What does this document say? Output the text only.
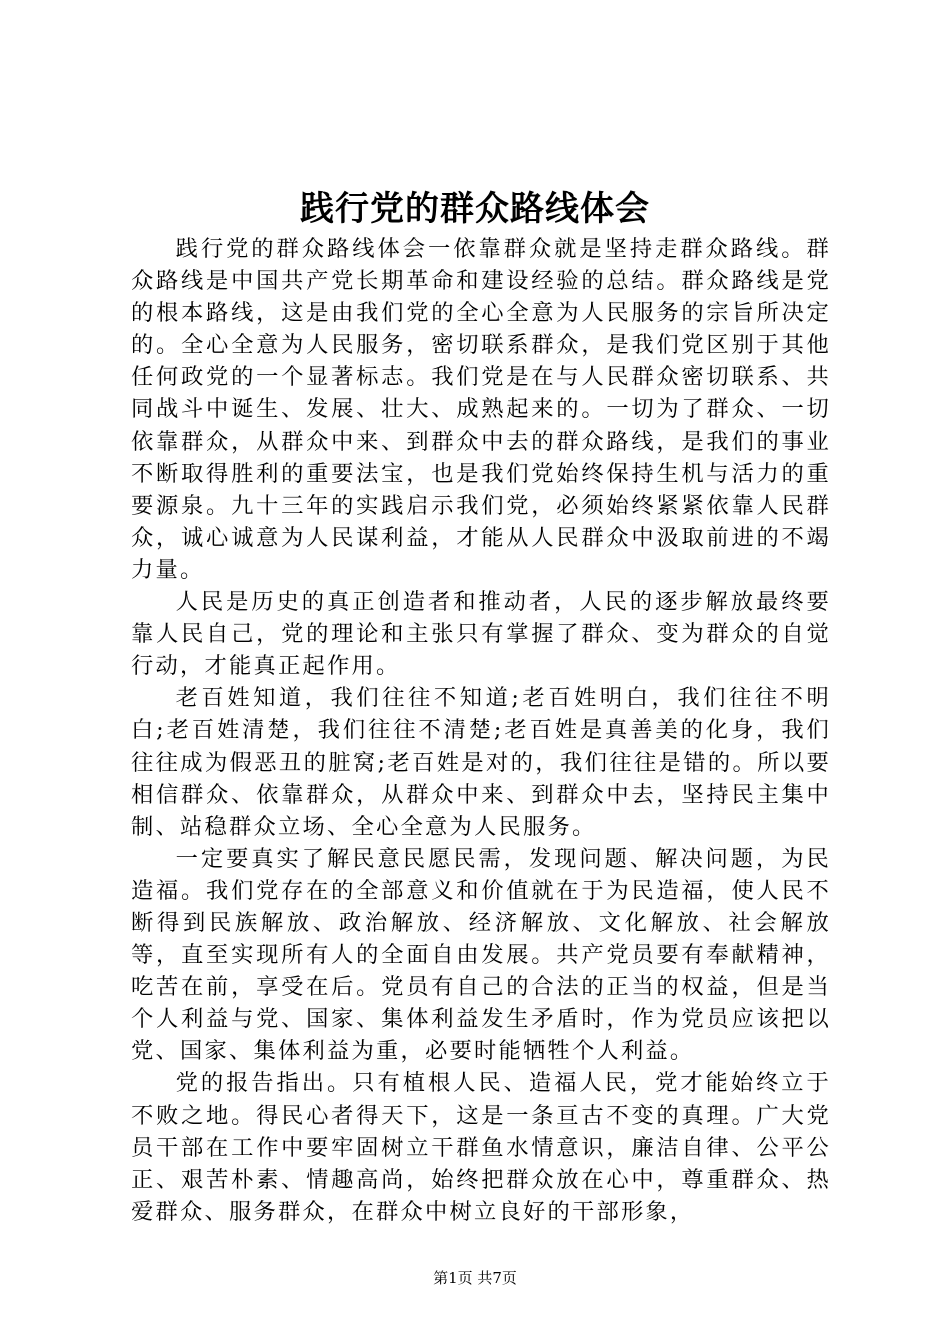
践行党的群众路线体会

践行党的群众路线体会一依靠群众就是坚持走群众路线。群众路线是中国共产党长期革命和建设经验的总结。群众路线是党的根本路线，这是由我们党的全心全意为人民服务的宗旨所决定的。全心全意为人民服务，密切联系群众，是我们党区别于其他任何政党的一个显著标志。我们党是在与人民群众密切联系、共同战斗中诞生、发展、壮大、成熟起来的。一切为了群众、一切依靠群众，从群众中来、到群众中去的群众路线，是我们的事业不断取得胜利的重要法宝，也是我们党始终保持生机与活力的重要源泉。九十三年的实践启示我们党，必须始终紧紧依靠人民群众，诚心诚意为人民谋利益，才能从人民群众中汲取前进的不竭力量。

人民是历史的真正创造者和推动者，人民的逐步解放最终要靠人民自己，党的理论和主张只有掌握了群众、变为群众的自觉行动，才能真正起作用。

老百姓知道，我们往往不知道;老百姓明白，我们往往不明白;老百姓清楚，我们往往不清楚;老百姓是真善美的化身，我们往往成为假恶丑的脏窝;老百姓是对的，我们往往是错的。所以要相信群众、依靠群众，从群众中来、到群众中去，坚持民主集中制、站稳群众立场、全心全意为人民服务。

一定要真实了解民意民愿民需，发现问题、解决问题，为民造福。我们党存在的全部意义和价值就在于为民造福，使人民不断得到民族解放、政治解放、经济解放、文化解放、社会解放等，直至实现所有人的全面自由发展。共产党员要有奉献精神，吃苦在前，享受在后。党员有自己的合法的正当的权益，但是当个人利益与党、国家、集体利益发生矛盾时，作为党员应该把以党、国家、集体利益为重，必要时能牺牲个人利益。

党的报告指出。只有植根人民、造福人民，党才能始终立于不败之地。得民心者得天下，这是一条亘古不变的真理。广大党员干部在工作中要牢固树立干群鱼水情意识，廉洁自律、公平公正、艰苦朴素、情趣高尚，始终把群众放在心中，尊重群众、热爱群众、服务群众，在群众中树立良好的干部形象，

第1页 共7页
